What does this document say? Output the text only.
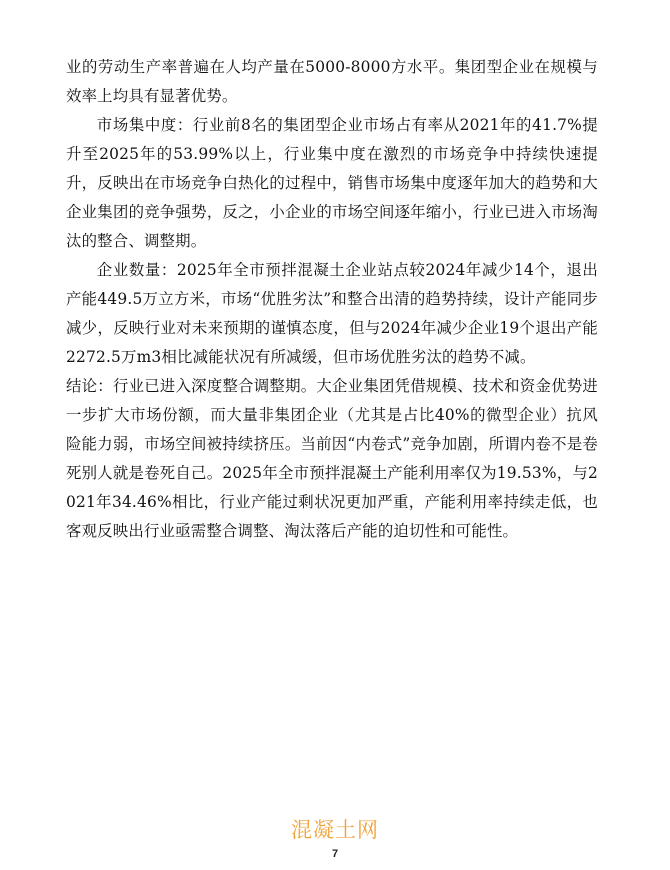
业的劳动生产率普遍在人均产量在5000-8000方水平。集团型企业在规模与效率上均具有显著优势。

市场集中度：行业前8名的集团型企业市场占有率从2021年的41.7%提升至2025年的53.99%以上，行业集中度在激烈的市场竞争中持续快速提升，反映出在市场竞争白热化的过程中，销售市场集中度逐年加大的趋势和大企业集团的竞争强势，反之，小企业的市场空间逐年缩小，行业已进入市场淘汰的整合、调整期。

企业数量：2025年全市预拌混凝土企业站点较2024年减少14个，退出产能449.5万立方米，市场“优胜劣汰”和整合出清的趋势持续，设计产能同步减少，反映行业对未来预期的谨慎态度，但与2024年减少企业19个退出产能2272.5万m3相比减能状况有所减缓，但市场优胜劣汰的趋势不减。

结论：行业已进入深度整合调整期。大企业集团凭借规模、技术和资金优势进一步扩大市场份额，而大量非集团企业（尤其是占比40%的微型企业）抗风险能力弱，市场空间被持续挤压。当前因“内卷式”竞争加剧，所谓内卷不是卷死别人就是卷死自己。2025年全市预拌混凝土产能利用率仅为19.53%，与2021年34.46%相比，行业产能过剩状况更加严重，产能利用率持续走低，也客观反映出行业亟需整合调整、淘汰落后产能的迫切性和可能性。

混凝土网
7
